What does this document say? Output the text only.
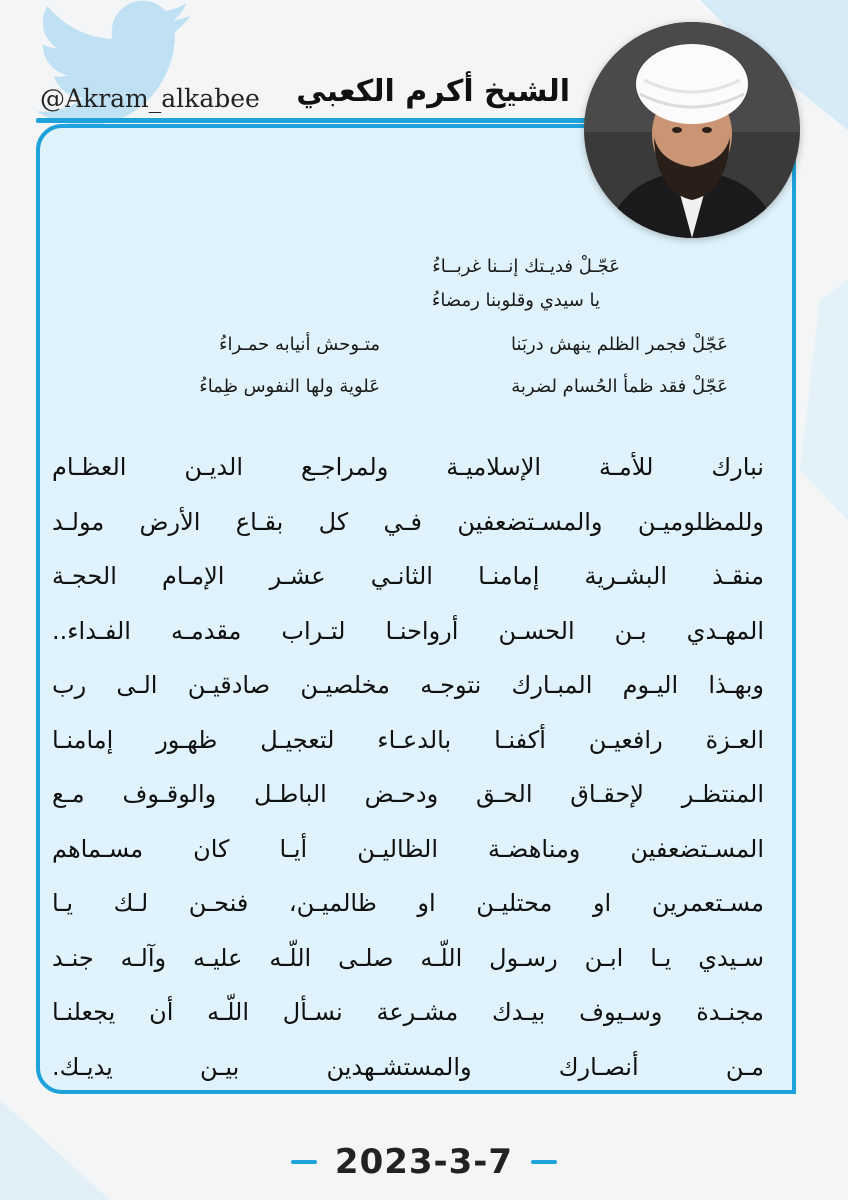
@Akram_alkabee الشيخ أكرم الكعبي
عَجّـلْ فديـتك إنــنا غربــاءُ
يا سيدي وقلوبنا رمضاءُ
عَجّلْ فجمر الظلم ينهش دربَنا
متـوحش أنيابه حمـراءُ
عَجّلْ فقد ظمأ الحُسام لضربة
عَلوية ولها النفوس ظِماءُ
نبارك للأمـة الإسلاميـة ولمراجـع الديـن العظـام
وللمظلوميـن والمسـتضعفين فـي كل بقـاع الأرض مولـد
منقـذ البشـرية إمامنـا الثانـي عشـر الإمـام الحجـة
المهـدي بـن الحسـن أرواحنـا لتـراب مقدمـه الفـداء..
وبهـذا اليـوم المبـارك نتوجـه مخلصيـن صادقيـن الـى رب
العـزة رافعيـن أكفنـا بالدعـاء لتعجيـل ظهـور إمامنـا
المنتظـر لإحقـاق الحـق ودحـض الباطـل والوقـوف مـع
المسـتضعفين ومناهضـة الظاليـن أيـا كان مسـماهم
مسـتعمرين او محتليـن او ظالميـن، فنحـن لـك يـا
سـيدي يـا ابـن رسـول اللّـه صلـى اللّـه عليـه وآلـه جنـد
مجنـدة وسـيوف بيـدك مشـرعة نسـأل اللّـه أن يجعلنـا
مـن أنصـارك والمستشـهدين بيـن يديـك.
2023-3-7
